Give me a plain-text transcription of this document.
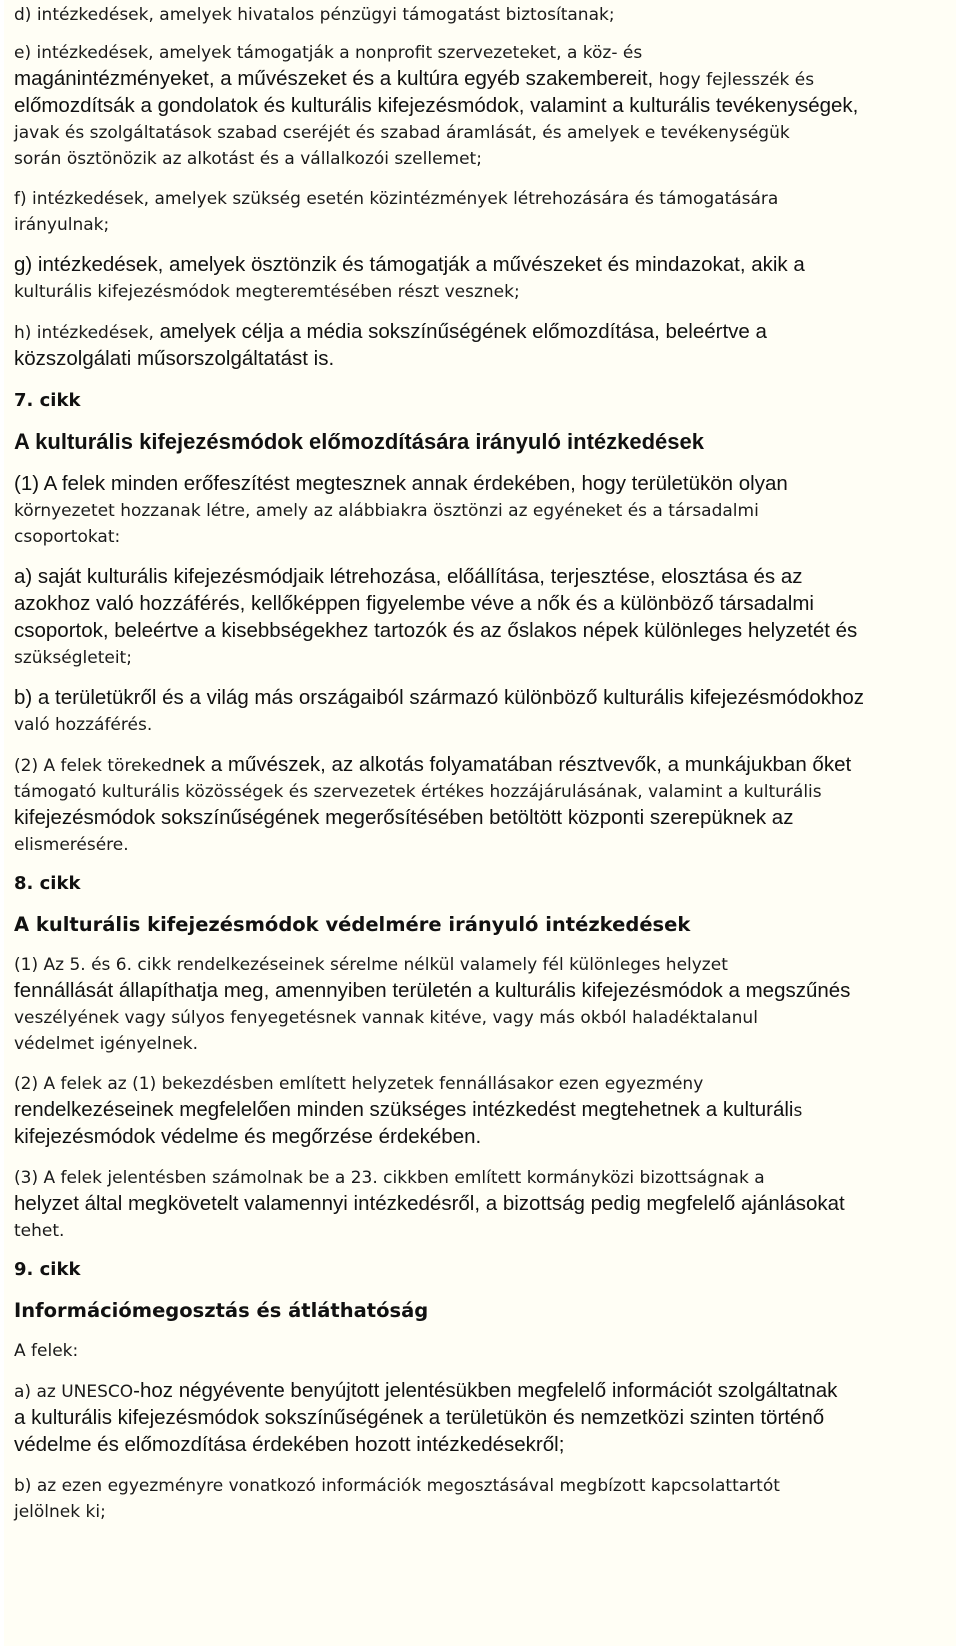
d) intézkedések, amelyek hivatalos pénzügyi támogatást biztosítanak;

e) intézkedések, amelyek támogatják a nonprofit szervezeteket, a köz- és
magánintézményeket, a művészeket és a kultúra egyéb szakembereit, hogy fejlesszék és
előmozdítsák a gondolatok és kulturális kifejezésmódok, valamint a kulturális tevékenységek,
javak és szolgáltatások szabad cseréjét és szabad áramlását, és amelyek e tevékenységük
során ösztönözik az alkotást és a vállalkozói szellemet;

f) intézkedések, amelyek szükség esetén közintézmények létrehozására és támogatására
irányulnak;

g) intézkedések, amelyek ösztönzik és támogatják a művészeket és mindazokat, akik a
kulturális kifejezésmódok megteremtésében részt vesznek;

h) intézkedések, amelyek célja a média sokszínűségének előmozdítása, beleértve a
közszolgálati műsorszolgáltatást is.

7. cikk

A kulturális kifejezésmódok előmozdítására irányuló intézkedések

(1) A felek minden erőfeszítést megtesznek annak érdekében, hogy területükön olyan
környezetet hozzanak létre, amely az alábbiakra ösztönzi az egyéneket és a társadalmi
csoportokat:

a) saját kulturális kifejezésmódjaik létrehozása, előállítása, terjesztése, elosztása és az
azokhoz való hozzáférés, kellőképpen figyelembe véve a nők és a különböző társadalmi
csoportok, beleértve a kisebbségekhez tartozók és az őslakos népek különleges helyzetét és
szükségleteit;

b) a területükről és a világ más országaiból származó különböző kulturális kifejezésmódokhoz
való hozzáférés.

(2) A felek törekednek a művészek, az alkotás folyamatában résztvevők, a munkájukban őket
támogató kulturális közösségek és szervezetek értékes hozzájárulásának, valamint a kulturális
kifejezésmódok sokszínűségének megerősítésében betöltött központi szerepüknek az
elismerésére.

8. cikk

A kulturális kifejezésmódok védelmére irányuló intézkedések

(1) Az 5. és 6. cikk rendelkezéseinek sérelme nélkül valamely fél különleges helyzet
fennállását állapíthatja meg, amennyiben területén a kulturális kifejezésmódok a megszűnés
veszélyének vagy súlyos fenyegetésnek vannak kitéve, vagy más okból haladéktalanul
védelmet igényelnek.

(2) A felek az (1) bekezdésben említett helyzetek fennállásakor ezen egyezmény
rendelkezéseinek megfelelően minden szükséges intézkedést megtehetnek a kulturális
kifejezésmódok védelme és megőrzése érdekében.

(3) A felek jelentésben számolnak be a 23. cikkben említett kormányközi bizottságnak a
helyzet által megkövetelt valamennyi intézkedésről, a bizottság pedig megfelelő ajánlásokat
tehet.

9. cikk

Információmegosztás és átláthatóság

A felek:

a) az UNESCO-hoz négyévente benyújtott jelentésükben megfelelő információt szolgáltatnak
a kulturális kifejezésmódok sokszínűségének a területükön és nemzetközi szinten történő
védelme és előmozdítása érdekében hozott intézkedésekről;

b) az ezen egyezményre vonatkozó információk megosztásával megbízott kapcsolattartót
jelölnek ki;
